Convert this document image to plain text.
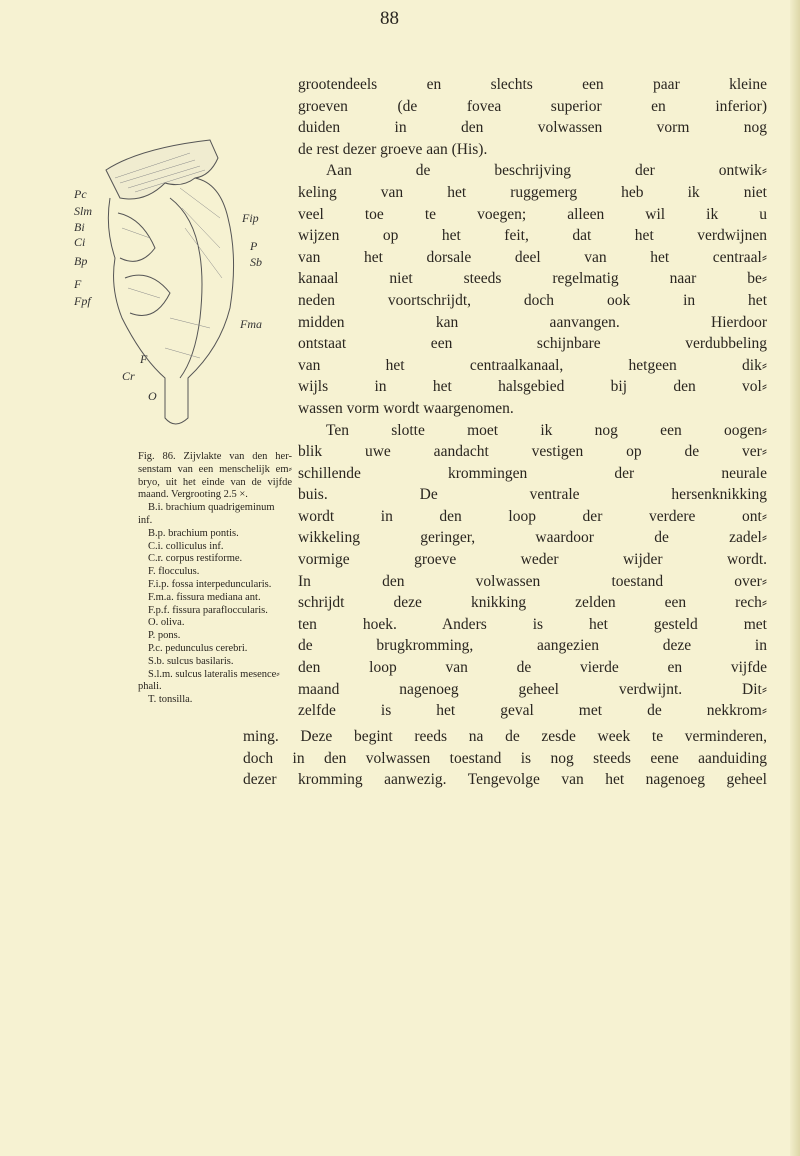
88
Pc
Slm
Bi
Ci
Bp
F
Fpf
Fip
P
Sb
Fma
F
Cr
O
Fig. 86. Zijvlakte van den her-
senstam van een menschelijk em⸗
bryo, uit het einde van de vijfde
maand. Vergrooting 2.5 ×.
B.i. brachium quadrigeminum
inf.
B.p. brachium pontis.
C.i. colliculus inf.
C.r. corpus restiforme.
F. flocculus.
F.i.p. fossa interpeduncularis.
F.m.a. fissura mediana ant.
F.p.f. fissura parafloccularis.
O. oliva.
P. pons.
P.c. pedunculus cerebri.
S.b. sulcus basilaris.
S.l.m. sulcus lateralis mesence⸗
phali.
T. tonsilla.
grootendeels en slechts een paar kleine
groeven (de fovea superior en inferior)
duiden in den volwassen vorm nog
de rest dezer groeve aan (His).
Aan de beschrijving der ontwik⸗
keling van het ruggemerg heb ik niet
veel toe te voegen; alleen wil ik u
wijzen op het feit, dat het verdwijnen
van het dorsale deel van het centraal⸗
kanaal niet steeds regelmatig naar be⸗
neden voortschrijdt, doch ook in het
midden kan aanvangen. Hierdoor
ontstaat een schijnbare verdubbeling
van het centraalkanaal, hetgeen dik⸗
wijls in het halsgebied bij den vol⸗
wassen vorm wordt waargenomen.
Ten slotte moet ik nog een oogen⸗
blik uwe aandacht vestigen op de ver⸗
schillende krommingen der neurale
buis. De ventrale hersenknikking
wordt in den loop der verdere ont⸗
wikkeling geringer, waardoor de zadel⸗
vormige groeve weder wijder wordt.
In den volwassen toestand over⸗
schrijdt deze knikking zelden een rech⸗
ten hoek. Anders is het gesteld met
de brugkromming, aangezien deze in
den loop van de vierde en vijfde
maand nagenoeg geheel verdwijnt. Dit⸗
zelfde is het geval met de nekkrom⸗
ming. Deze begint reeds na de zesde week te verminderen,
doch in den volwassen toestand is nog steeds eene aanduiding
dezer kromming aanwezig. Tengevolge van het nagenoeg geheel
